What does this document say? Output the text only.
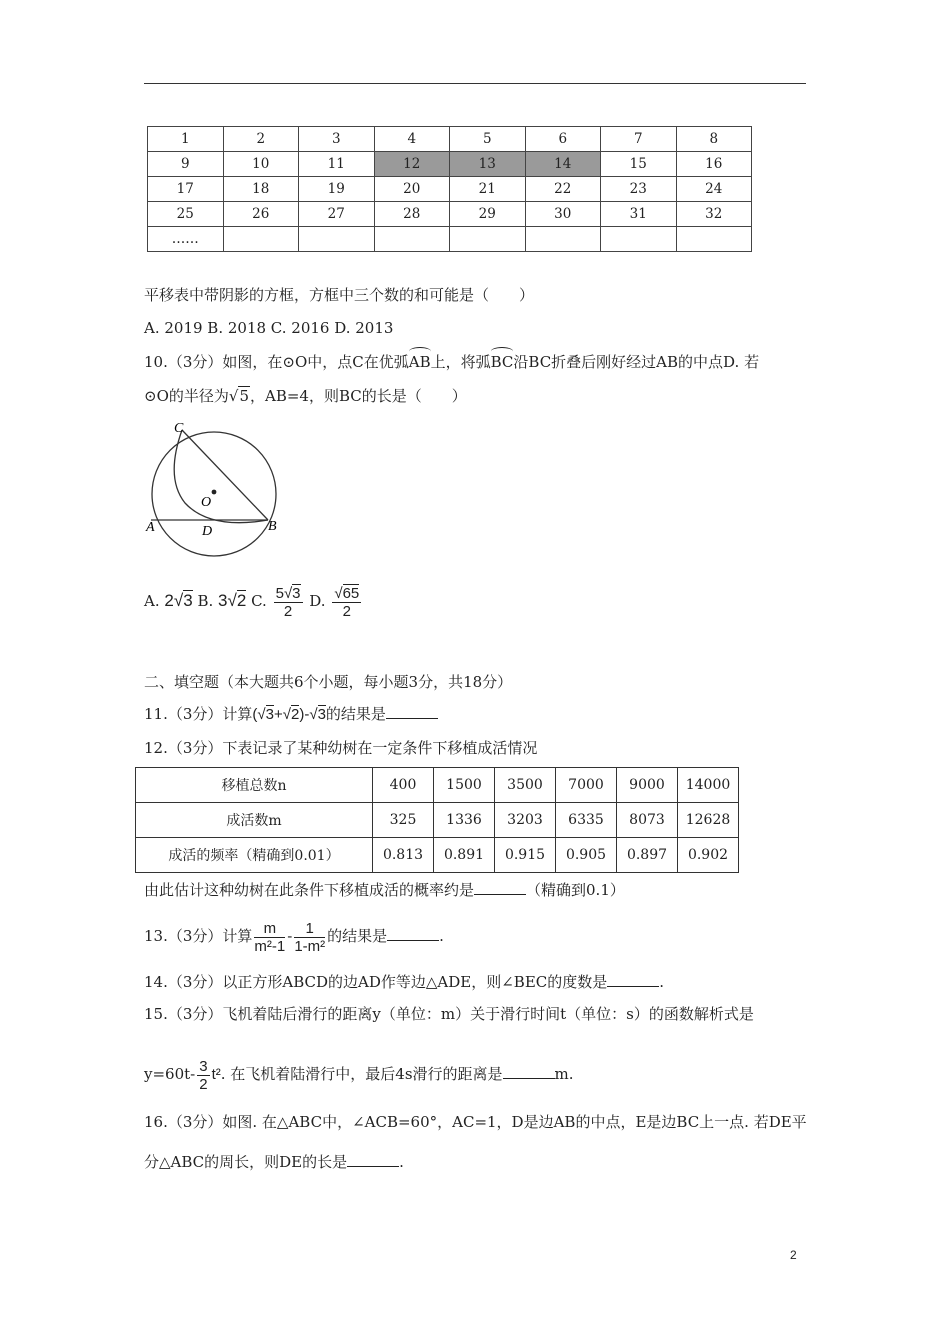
1	2	3	4	5	6	7	8
9	10	11	12	13	14	15	16
17	18	19	20	21	22	23	24
25	26	27	28	29	30	31	32
……							
平移表中带阴影的方框，方框中三个数的和可能是（　　）
A. 2019 B. 2018 C. 2016 D. 2013
10.（3分）如图，在⊙O中，点C在优弧AB上，将弧BC沿BC折叠后刚好经过AB的中点D. 若
⊙O的半径为√5，AB=4，则BC的长是（　　）
C
O
A	D	B
A. 2√3 B. 3√2 C. $\frac{5√3}{2} D$. $\frac{√65}{2}$
二、填空题（本大题共6个小题，每小题3分，共18分）
11.（3分）计算(√3+√2)-√3的结果是
12.（3分）下表记录了某种幼树在一定条件下移植成活情况
移植总数n	400	1500	3500	7000	9000	14000
成活数m	325	1336	3203	6335	8073	12628
成活的频率（精确到0.01）	0.813	0.891	0.915	0.905	0.897	0.902
由此估计这种幼树在此条件下移植成活的概率约是	（精确到0.1）
13.（3分）计算 $\frac{m}{\text{m²-1}} - \frac{1}{\text{1-m²}}$ 的结果是	.
14.（3分）以正方形ABCD的边AD作等边△ADE，则∠BEC的度数是	.
15.（3分）飞机着陆后滑行的距离y（单位：m）关于滑行时间t（单位：s）的函数解析式是
$y=60t- \frac{3}{2} t^2$. 在飞机着陆滑行中，最后4s滑行的距离是	m.
16.（3分）如图. 在△ABC中，∠ACB=60°，AC=1，D是边AB的中点，E是边BC上一点. 若DE平
分△ABC的周长，则DE的长是	.
2
